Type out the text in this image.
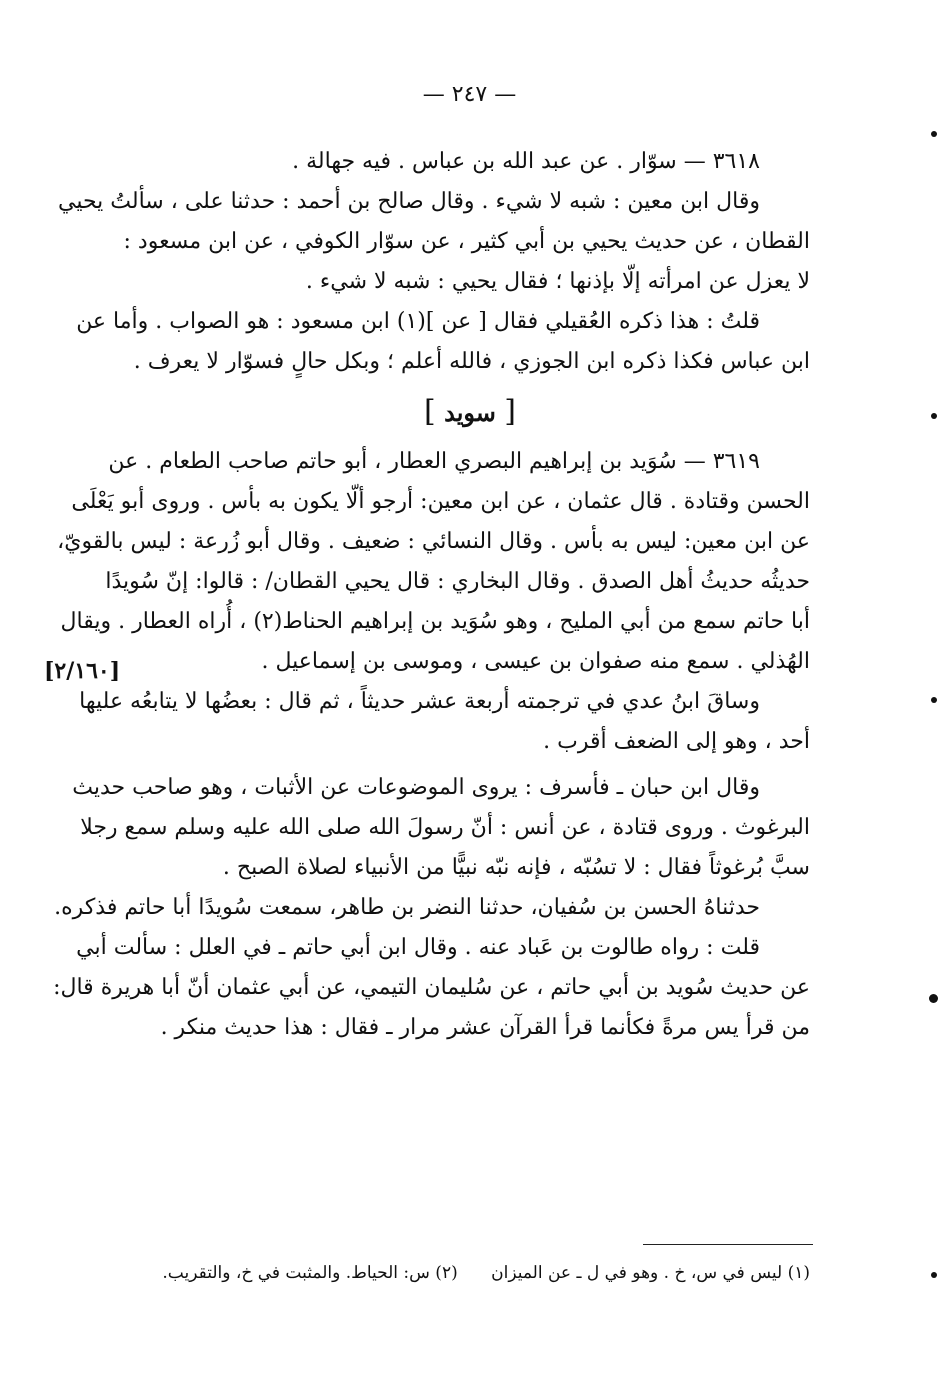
— ٢٤٧ —
٣٦١٨ — سوّار . عن عبد الله بن عباس . فيه جهالة .
وقال ابن معين : شبه لا شيء . وقال صالح بن أحمد : حدثنا على ، سألتُ يحيي
القطان ، عن حديث يحيي بن أبي كثير ، عن سوّار الكوفي ، عن ابن مسعود :
لا يعزل عن امرأته إلّا بإذنها ؛ فقال يحيي : شبه لا شيء .
قلتُ : هذا ذكره العُقيلي فقال [ عن ](١) ابن مسعود : هو الصواب . وأما عن
ابن عباس فكذا ذكره ابن الجوزي ، فالله أعلم ؛ وبكل حالٍ فسوّار لا يعرف .
[ سويد ]
٣٦١٩ — سُوَيد بن إبراهيم البصري العطار ، أبو حاتم صاحب الطعام . عن
الحسن وقتادة . قال عثمان ، عن ابن معين: أرجو ألّا يكون به بأس . وروى أبو يَعْلَى
عن ابن معين: ليس به بأس . وقال النسائي : ضعيف . وقال أبو زُرعة : ليس بالقويّ،
حديثُه حديثُ أهل الصدق . وقال البخاري : قال يحيي القطان/ : قالوا: إنّ سُويدًا
أبا حاتم سمع من أبي المليح ، وهو سُوَيد بن إبراهيم الحناط(٢) ، أُراه العطار . ويقال
الهُذلي . سمع منه صفوان بن عيسى ، وموسى بن إسماعيل .
وساقَ ابنُ عدي في ترجمته أربعة عشر حديثاً ، ثم قال : بعضُها لا يتابعُه عليها
أحد ، وهو إلى الضعف أقرب .
وقال ابن حبان ـ فأسرف : يروى الموضوعات عن الأثبات ، وهو صاحب حديث
البرغوث . وروى قتادة ، عن أنس : أنّ رسولَ الله صلى الله عليه وسلم سمع رجلا
سبَّ بُرغوثاً فقال : لا تسُبّه ، فإنه نبّه نبيًّا من الأنبياء لصلاة الصبح .
حدثناهُ الحسن بن سُفيان، حدثنا النضر بن طاهر، سمعت سُويدًا أبا حاتم فذكره.
قلت : رواه طالوت بن عَباد عنه . وقال ابن أبي حاتم ـ في العلل : سألت أبي
عن حديث سُويد بن أبي حاتم ، عن سُليمان التيمي، عن أبي عثمان أنّ أبا هريرة قال:
من قرأ يس مرةً فكأنما قرأ القرآن عشر مرار ـ فقال : هذا حديث منكر .
[٢/١٦٠]
(١) ليس في س، خ . وهو في ل ـ عن الميزان (٢) س: الحياط. والمثبت في خ، والتقريب.
